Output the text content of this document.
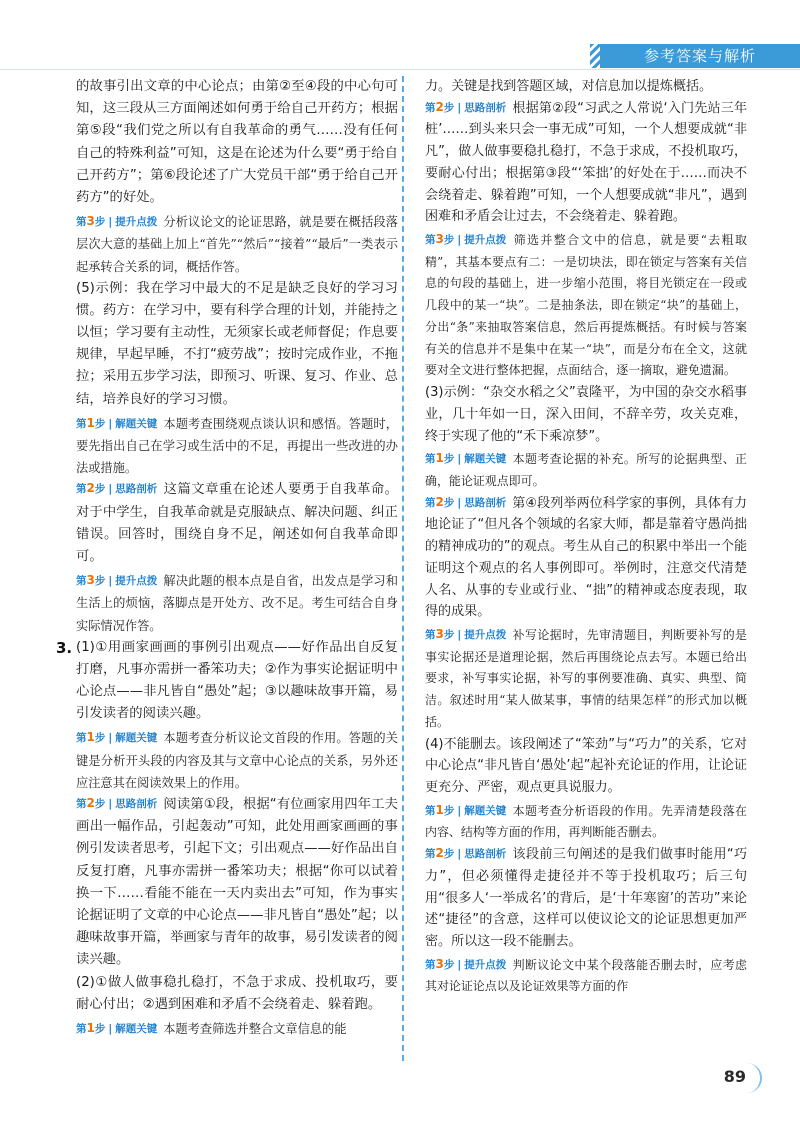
参考答案与解析
的故事引出文章的中心论点；由第②至④段的中心句可知，这三段从三方面阐述如何勇于给自己开药方；根据第⑤段“我们党之所以有自我革命的勇气……没有任何自己的特殊利益”可知，这是在论述为什么要“勇于给自己开药方”；第⑥段论述了广大党员干部“勇于给自己开药方”的好处。
第3步 | 提升点拨 分析议论文的论证思路，就是要在概括段落层次大意的基础上加上“首先”“然后”“接着”“最后”一类表示起承转合关系的词，概括作答。
(5)示例：我在学习中最大的不足是缺乏良好的学习习惯。药方：在学习中，要有科学合理的计划，并能持之以恒；学习要有主动性，无须家长或老师督促；作息要规律，早起早睡，不打“疲劳战”；按时完成作业，不拖拉；采用五步学习法，即预习、听课、复习、作业、总结，培养良好的学习习惯。
第1步 | 解题关键 本题考查围绕观点谈认识和感悟。答题时，要先指出自己在学习或生活中的不足，再提出一些改进的办法或措施。
第2步 | 思路剖析 这篇文章重在论述人要勇于自我革命。对于中学生，自我革命就是克服缺点、解决问题、纠正错误。回答时，围绕自身不足，阐述如何自我革命即可。
第3步 | 提升点拨 解决此题的根本点是自省，出发点是学习和生活上的烦恼，落脚点是开处方、改不足。考生可结合自身实际情况作答。
3. (1)①用画家画画的事例引出观点——好作品出自反复打磨，凡事亦需拼一番笨功夫；②作为事实论据证明中心论点——非凡皆自“愚处”起；③以趣味故事开篇，易引发读者的阅读兴趣。
第1步 | 解题关键 本题考查分析议论文首段的作用。答题的关键是分析开头段的内容及其与文章中心论点的关系，另外还应注意其在阅读效果上的作用。
第2步 | 思路剖析 阅读第①段，根据“有位画家用四年工夫画出一幅作品，引起轰动”可知，此处用画家画画的事例引发读者思考，引起下文；引出观点——好作品出自反复打磨，凡事亦需拼一番笨功夫；根据“你可以试着换一下……看能不能在一天内卖出去”可知，作为事实论据证明了文章的中心论点——非凡皆自“愚处”起；以趣味故事开篇，举画家与青年的故事，易引发读者的阅读兴趣。
(2)①做人做事稳扎稳打，不急于求成、投机取巧，要耐心付出；②遇到困难和矛盾不会绕着走、躲着跑。
第1步 | 解题关键 本题考查筛选并整合文章信息的能
力。关键是找到答题区域，对信息加以提炼概括。
第2步 | 思路剖析 根据第②段“习武之人常说‘入门先站三年桩’……到头来只会一事无成”可知，一个人想要成就“非凡”，做人做事要稳扎稳打，不急于求成，不投机取巧，要耐心付出；根据第③段“‘笨拙’的好处在于……而决不会绕着走、躲着跑”可知，一个人想要成就“非凡”，遇到困难和矛盾会让过去，不会绕着走、躲着跑。
第3步 | 提升点拨 筛选并整合文中的信息，就是要“去粗取精”，其基本要点有二：一是切块法，即在锁定与答案有关信息的句段的基础上，进一步缩小范围，将目光锁定在一段或几段中的某一“块”。二是抽条法，即在锁定“块”的基础上，分出“条”来抽取答案信息，然后再提炼概括。有时候与答案有关的信息并不是集中在某一“块”，而是分布在全文，这就要对全文进行整体把握，点面结合，逐一摘取，避免遗漏。
(3)示例：“杂交水稻之父”袁隆平，为中国的杂交水稻事业，几十年如一日，深入田间，不辞辛劳，攻关克难，终于实现了他的“禾下乘凉梦”。
第1步 | 解题关键 本题考查论据的补充。所写的论据典型、正确，能论证观点即可。
第2步 | 思路剖析 第④段列举两位科学家的事例，具体有力地论证了“但凡各个领域的名家大师，都是靠着守愚尚拙的精神成功的”的观点。考生从自己的积累中举出一个能证明这个观点的名人事例即可。举例时，注意交代清楚人名、从事的专业或行业、“拙”的精神或态度表现，取得的成果。
第3步 | 提升点拨 补写论据时，先审清题目，判断要补写的是事实论据还是道理论据，然后再围绕论点去写。本题已给出要求，补写事实论据，补写的事例要准确、真实、典型、简洁。叙述时用“某人做某事，事情的结果怎样”的形式加以概括。
(4)不能删去。该段阐述了“笨劲”与“巧力”的关系，它对中心论点“非凡皆自‘愚处’起”起补充论证的作用，让论证更充分、严密，观点更具说服力。
第1步 | 解题关键 本题考查分析语段的作用。先弄清楚段落在内容、结构等方面的作用，再判断能否删去。
第2步 | 思路剖析 该段前三句阐述的是我们做事时能用“巧力”，但必须懂得走捷径并不等于投机取巧；后三句用“很多人‘一举成名’的背后，是‘十年寒窗’的苦功”来论述“捷径”的含意，这样可以使议论文的论证思想更加严密。所以这一段不能删去。
第3步 | 提升点拨 判断议论文中某个段落能否删去时，应考虑其对论证论点以及论证效果等方面的作
89
